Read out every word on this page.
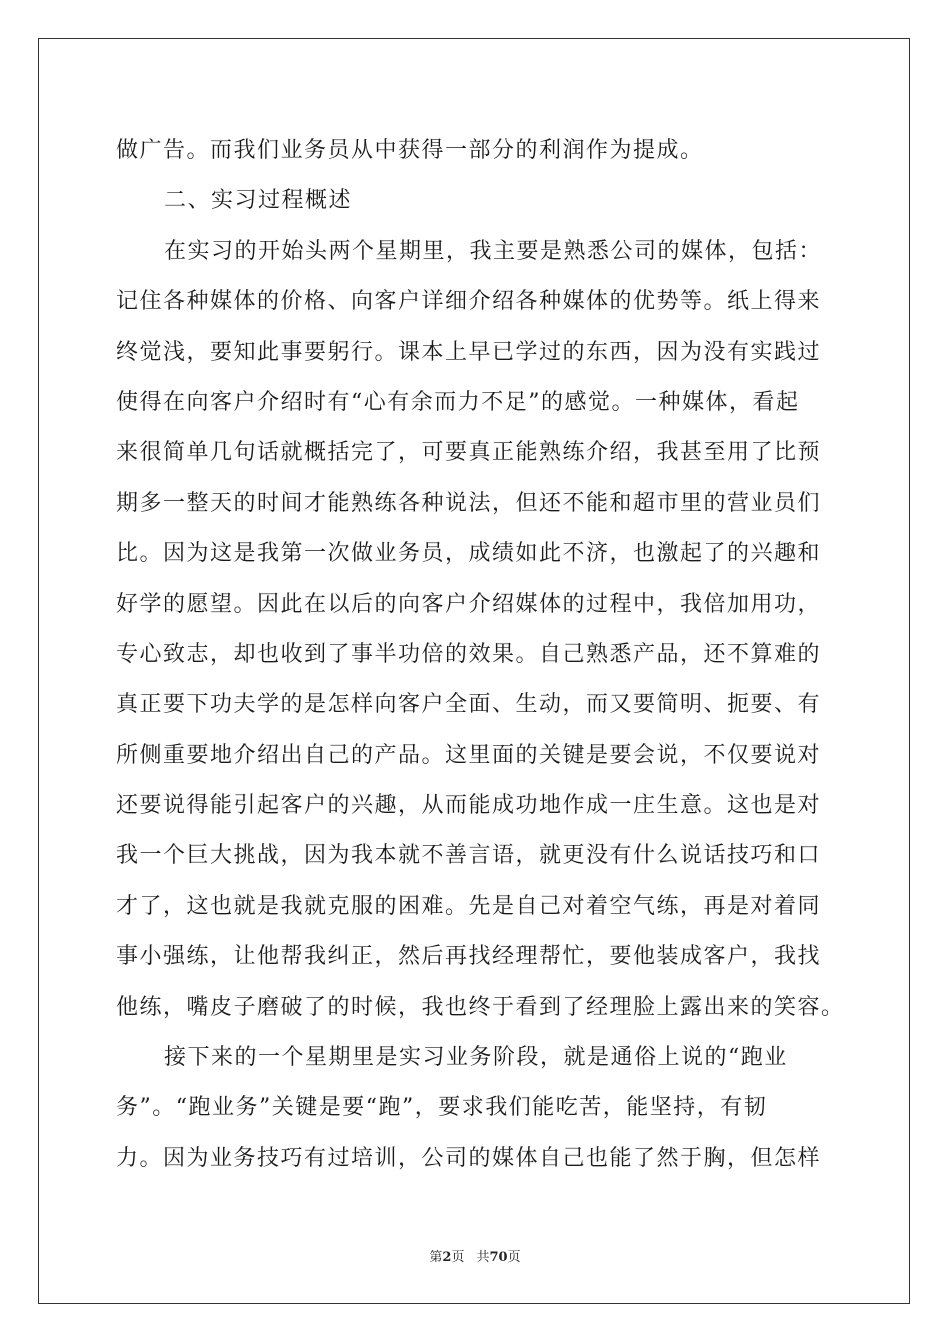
做广告。而我们业务员从中获得一部分的利润作为提成。
二、实习过程概述
在实习的开始头两个星期里，我主要是熟悉公司的媒体，包括：
记住各种媒体的价格、向客户详细介绍各种媒体的优势等。纸上得来
终觉浅，要知此事要躬行。课本上早已学过的东西，因为没有实践过
使得在向客户介绍时有“心有余而力不足”的感觉。一种媒体，看起
来很简单几句话就概括完了，可要真正能熟练介绍，我甚至用了比预
期多一整天的时间才能熟练各种说法，但还不能和超市里的营业员们
比。因为这是我第一次做业务员，成绩如此不济，也激起了的兴趣和
好学的愿望。因此在以后的向客户介绍媒体的过程中，我倍加用功，
专心致志，却也收到了事半功倍的效果。自己熟悉产品，还不算难的
真正要下功夫学的是怎样向客户全面、生动，而又要简明、扼要、有
所侧重要地介绍出自己的产品。这里面的关键是要会说，不仅要说对
还要说得能引起客户的兴趣，从而能成功地作成一庄生意。这也是对
我一个巨大挑战，因为我本就不善言语，就更没有什么说话技巧和口
才了，这也就是我就克服的困难。先是自己对着空气练，再是对着同
事小强练，让他帮我纠正，然后再找经理帮忙，要他装成客户，我找
他练，嘴皮子磨破了的时候，我也终于看到了经理脸上露出来的笑容。
接下来的一个星期里是实习业务阶段，就是通俗上说的“跑业
务”。“跑业务”关键是要“跑”，要求我们能吃苦，能坚持，有韧
力。因为业务技巧有过培训，公司的媒体自己也能了然于胸，但怎样
第2页 共70页
